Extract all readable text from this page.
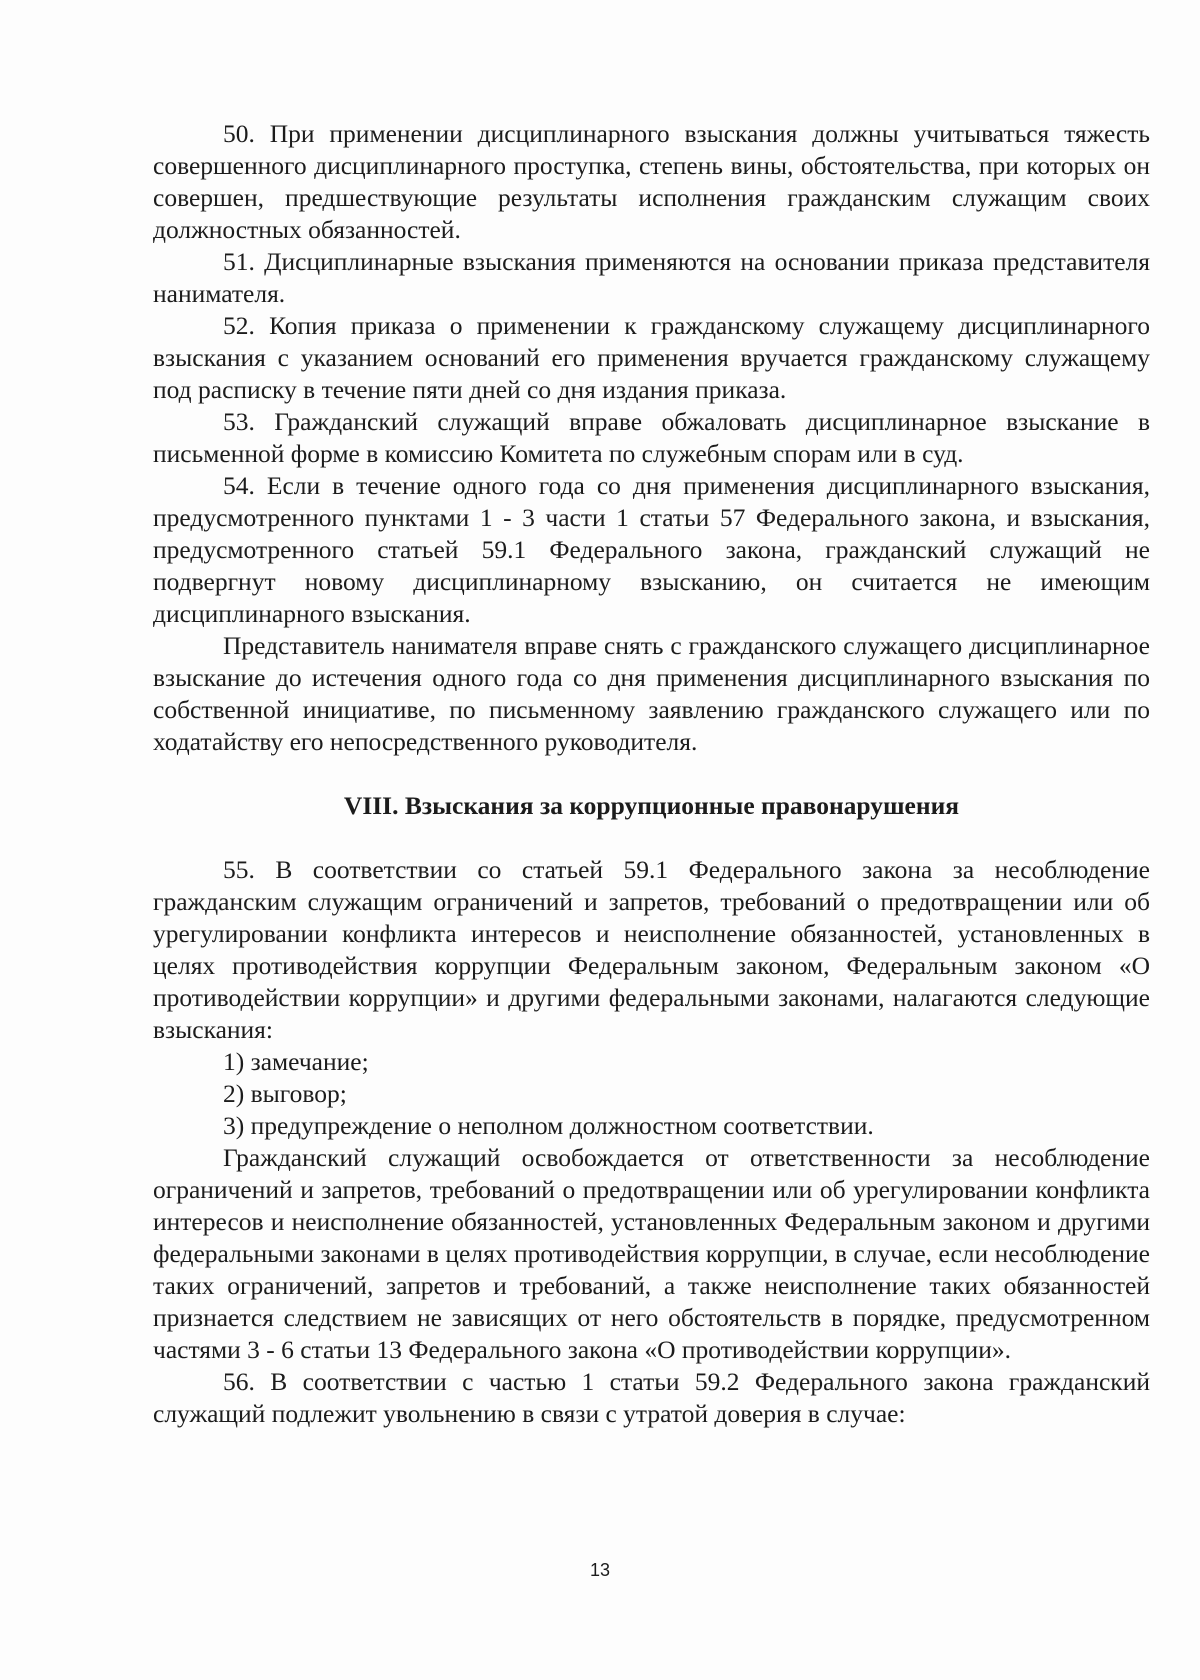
50. При применении дисциплинарного взыскания должны учитываться тяжесть совершенного дисциплинарного проступка, степень вины, обстоятельства, при которых он совершен, предшествующие результаты исполнения гражданским служащим своих должностных обязанностей.

51. Дисциплинарные взыскания применяются на основании приказа представителя нанимателя.

52. Копия приказа о применении к гражданскому служащему дисциплинарного взыскания с указанием оснований его применения вручается гражданскому служащему под расписку в течение пяти дней со дня издания приказа.

53. Гражданский служащий вправе обжаловать дисциплинарное взыскание в письменной форме в комиссию Комитета по служебным спорам или в суд.

54. Если в течение одного года со дня применения дисциплинарного взыскания, предусмотренного пунктами 1 - 3 части 1 статьи 57 Федерального закона, и взыскания, предусмотренного статьей 59.1 Федерального закона, гражданский служащий не подвергнут новому дисциплинарному взысканию, он считается не имеющим дисциплинарного взыскания.

Представитель нанимателя вправе снять с гражданского служащего дисциплинарное взыскание до истечения одного года со дня применения дисциплинарного взыскания по собственной инициативе, по письменному заявлению гражданского служащего или по ходатайству его непосредственного руководителя.

VIII. Взыскания за коррупционные правонарушения

55. В соответствии со статьей 59.1 Федерального закона за несоблюдение гражданским служащим ограничений и запретов, требований о предотвращении или об урегулировании конфликта интересов и неисполнение обязанностей, установленных в целях противодействия коррупции Федеральным законом, Федеральным законом «О противодействии коррупции» и другими федеральными законами, налагаются следующие взыскания:

1) замечание;

2) выговор;

3) предупреждение о неполном должностном соответствии.

Гражданский служащий освобождается от ответственности за несоблюдение ограничений и запретов, требований о предотвращении или об урегулировании конфликта интересов и неисполнение обязанностей, установленных Федеральным законом и другими федеральными законами в целях противодействия коррупции, в случае, если несоблюдение таких ограничений, запретов и требований, а также неисполнение таких обязанностей признается следствием не зависящих от него обстоятельств в порядке, предусмотренном частями 3 - 6 статьи 13 Федерального закона «О противодействии коррупции».

56. В соответствии с частью 1 статьи 59.2 Федерального закона гражданский служащий подлежит увольнению в связи с утратой доверия в случае:

13
